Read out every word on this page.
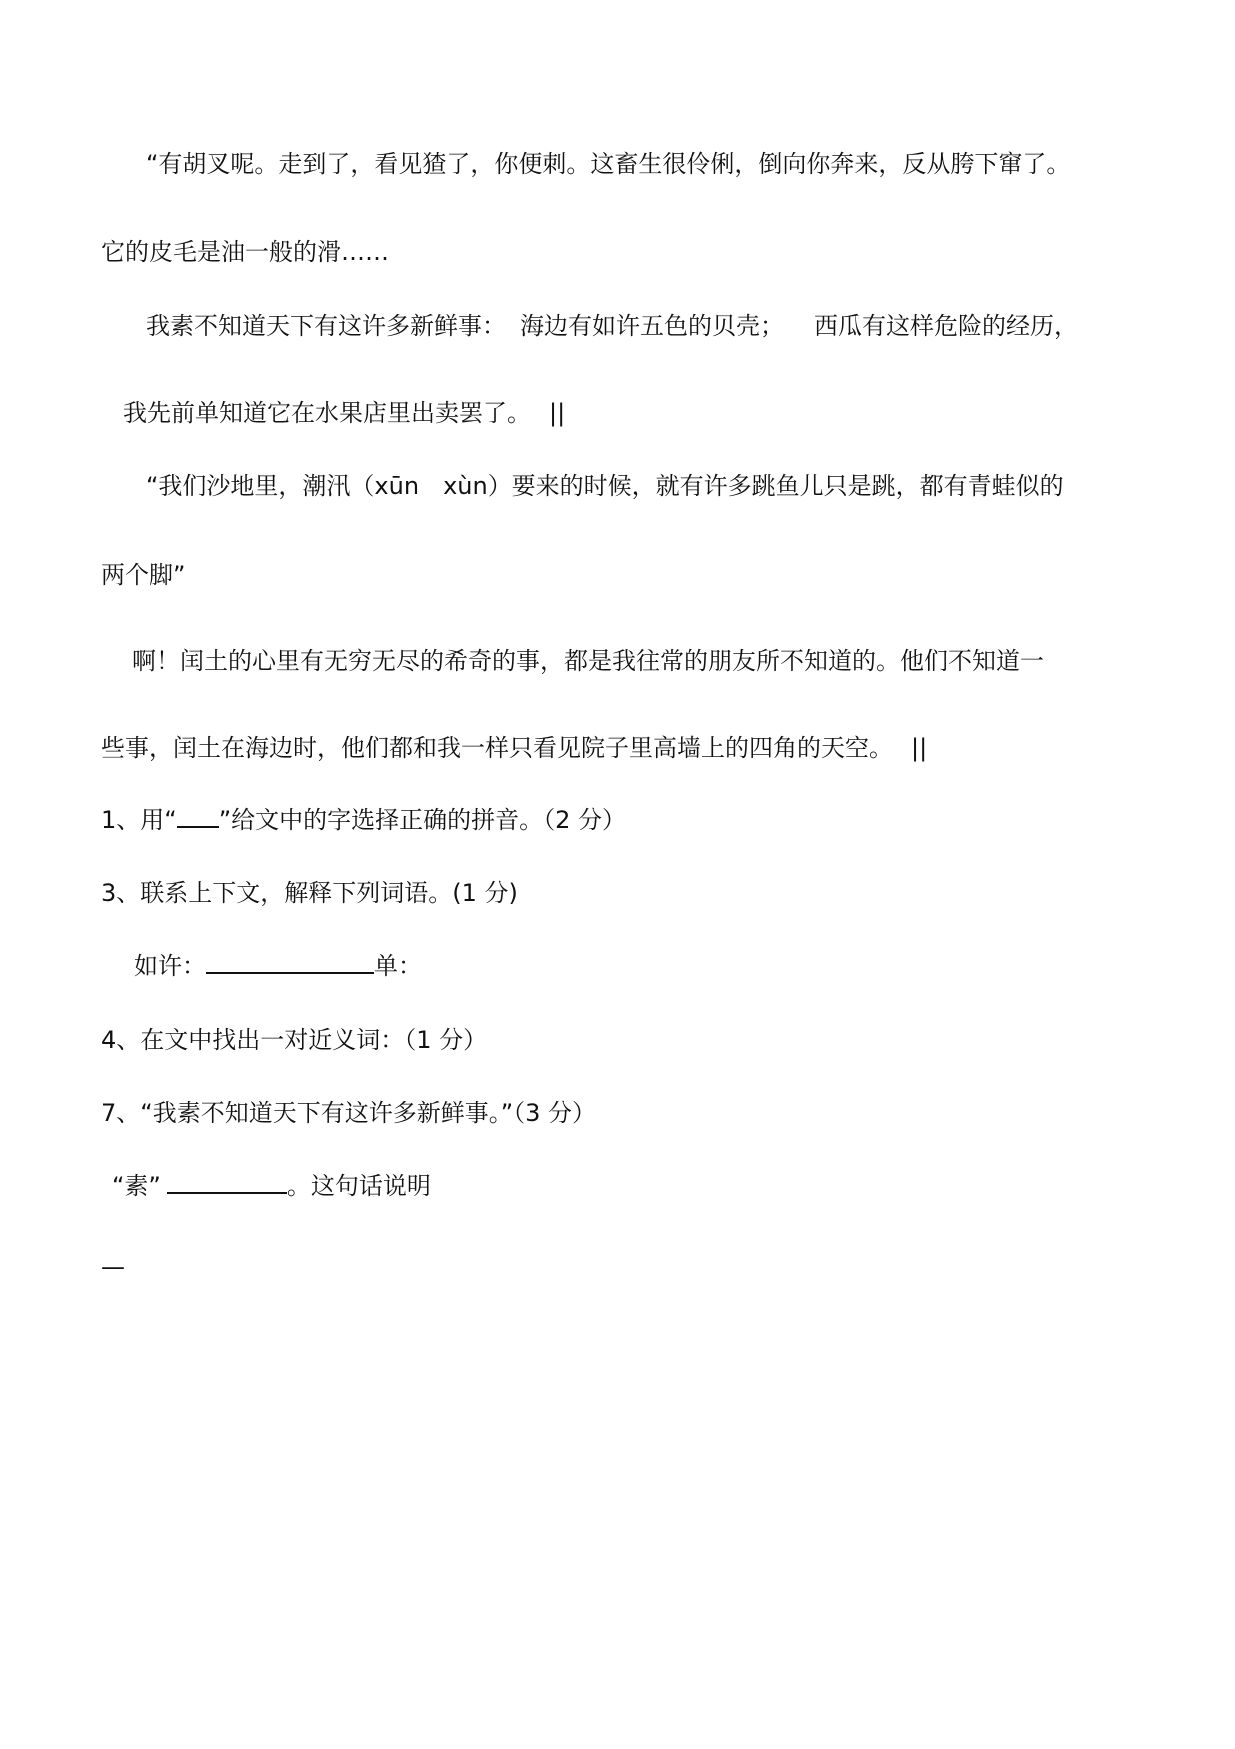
“有胡叉呢。走到了，看见猹了，你便刺。这畜生很伶俐，倒向你奔来，反从胯下窜了。
它的皮毛是油一般的滑……
我素不知道天下有这许多新鲜事： 海边有如许五色的贝壳； 西瓜有这样危险的经历，
我先前单知道它在水果店里出卖罢了。 ||
“我们沙地里，潮汛（xūn xùn）要来的时候，就有许多跳鱼儿只是跳，都有青蛙似的
两个脚”
啊！闰土的心里有无穷无尽的希奇的事，都是我往常的朋友所不知道的。他们不知道一
些事，闰土在海边时，他们都和我一样只看见院子里高墙上的四角的天空。 ||
1、用“ ”给文中的字选择正确的拼音。（2 分）
3、联系上下文，解释下列词语。(1 分)
如许：	单：
4、在文中找出一对近义词：（1 分）
7、“我素不知道天下有这许多新鲜事。”（3 分）
“素”	。这句话说明
—
